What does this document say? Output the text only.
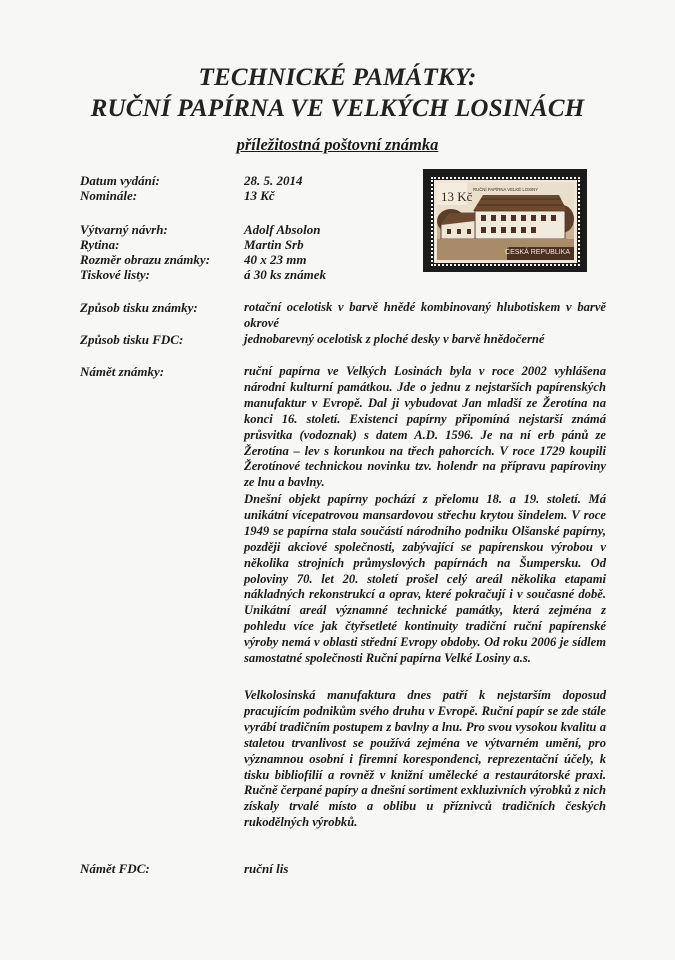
TECHNICKÉ PAMÁTKY:
RUČNÍ PAPÍRNA VE VELKÝCH LOSINÁCH
příležitostná poštovní známka
13 Kč RUČNÍ PAPÍRNA VELKÉ LOSINY
ČESKÁ REPUBLIKA
Datum vydání:	28. 5. 2014
Nominále:	13 Kč
Výtvarný návrh:	Adolf Absolon
Rytina:	Martin Srb
Rozměr obrazu známky:	40 x 23 mm
Tiskové listy:	á 30 ks známek
Způsob tisku známky:	rotační ocelotisk v barvě hnědé kombinovaný hlubotiskem v barvě okrové

Způsob tisku FDC:	jednobarevný ocelotisk z ploché desky v barvě hnědočerné

Námět známky:	ruční papírna ve Velkých Losinách byla v roce 2002 vyhlášena národní kulturní památkou. Jde o jednu z nejstarších papírenských manufaktur v Evropě. Dal ji vybudovat Jan mladší ze Žerotína na konci 16. století. Existenci papírny připomíná nejstarší známá průsvitka (vodoznak) s datem A.D. 1596. Je na ní erb pánů ze Žerotína – lev s korunkou na třech pahorcích. V roce 1729 koupili Žerotínové technickou novinku tzv. holendr na přípravu papíroviny ze lnu a bavlny.

Dnešní objekt papírny pochází z přelomu 18. a 19. století. Má unikátní vícepatrovou mansardovou střechu krytou šindelem. V roce 1949 se papírna stala součástí národního podniku Olšanské papírny, později akciové společnosti, zabývající se papírenskou výrobou v několika strojních průmyslových papírnách na Šumpersku. Od poloviny 70. let 20. století prošel celý areál několika etapami nákladných rekonstrukcí a oprav, které pokračují i v současné době. Unikátní areál významné technické památky, která zejména z pohledu více jak čtyřsetleté kontinuity tradiční ruční papírenské výroby nemá v oblasti střední Evropy obdoby. Od roku 2006 je sídlem samostatné společnosti Ruční papírna Velké Losiny a.s.

Velkolosinská manufaktura dnes patří k nejstarším doposud pracujícím podnikům svého druhu v Evropě. Ruční papír se zde stále vyrábí tradičním postupem z bavlny a lnu. Pro svou vysokou kvalitu a staletou trvanlivost se používá zejména ve výtvarném umění, pro významnou osobní i firemní korespondenci, reprezentační účely, k tisku bibliofilií a rovněž v knižní umělecké a restaurátorské praxi. Ručně čerpané papíry a dnešní sortiment exkluzivních výrobků z nich získaly trvalé místo a oblibu u příznivců tradičních českých rukodělných výrobků.

Námět FDC:	ruční lis
